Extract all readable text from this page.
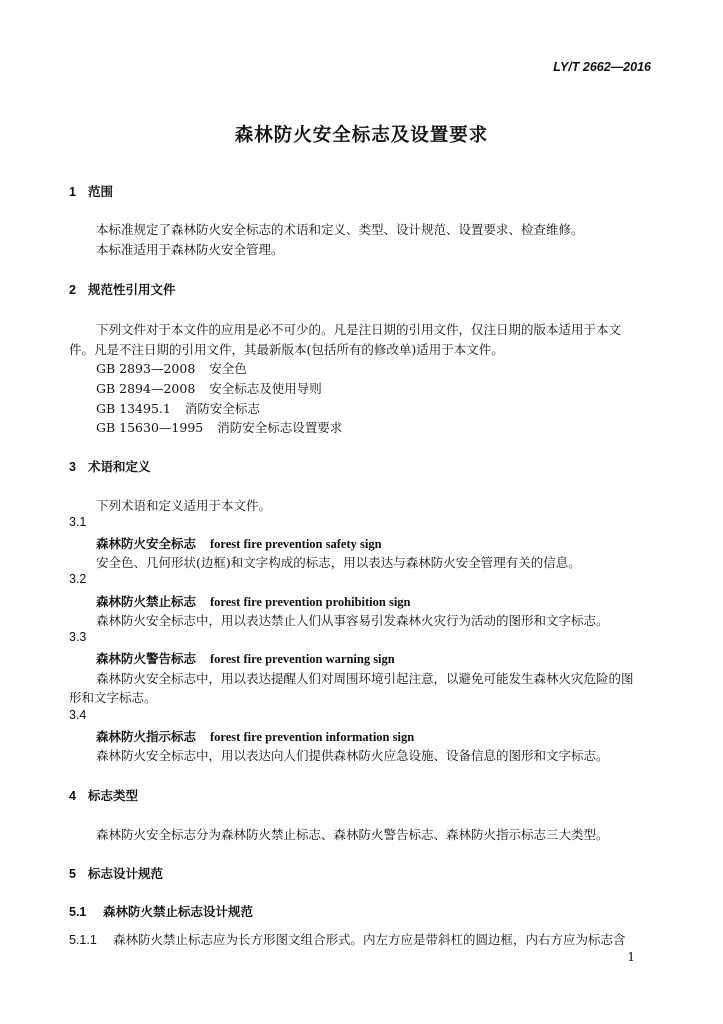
LY/T 2662—2016
森林防火安全标志及设置要求
1 范围
本标准规定了森林防火安全标志的术语和定义、类型、设计规范、设置要求、检查维修。
本标准适用于森林防火安全管理。
2 规范性引用文件
下列文件对于本文件的应用是必不可少的。凡是注日期的引用文件，仅注日期的版本适用于本文
件。凡是不注日期的引用文件，其最新版本(包括所有的修改单)适用于本文件。
GB 2893—2008 安全色
GB 2894—2008 安全标志及使用导则
GB 13495.1 消防安全标志
GB 15630—1995 消防安全标志设置要求
3 术语和定义
下列术语和定义适用于本文件。
3.1
森林防火安全标志 forest fire prevention safety sign
安全色、几何形状(边框)和文字构成的标志，用以表达与森林防火安全管理有关的信息。
3.2
森林防火禁止标志 forest fire prevention prohibition sign
森林防火安全标志中，用以表达禁止人们从事容易引发森林火灾行为活动的图形和文字标志。
3.3
森林防火警告标志 forest fire prevention warning sign
森林防火安全标志中，用以表达提醒人们对周围环境引起注意，以避免可能发生森林火灾危险的图
形和文字标志。
3.4
森林防火指示标志 forest fire prevention information sign
森林防火安全标志中，用以表达向人们提供森林防火应急设施、设备信息的图形和文字标志。
4 标志类型
森林防火安全标志分为森林防火禁止标志、森林防火警告标志、森林防火指示标志三大类型。
5 标志设计规范
5.1 森林防火禁止标志设计规范
5.1.1 森林防火禁止标志应为长方形图文组合形式。内左方应是带斜杠的圆边框，内右方应为标志含
1
